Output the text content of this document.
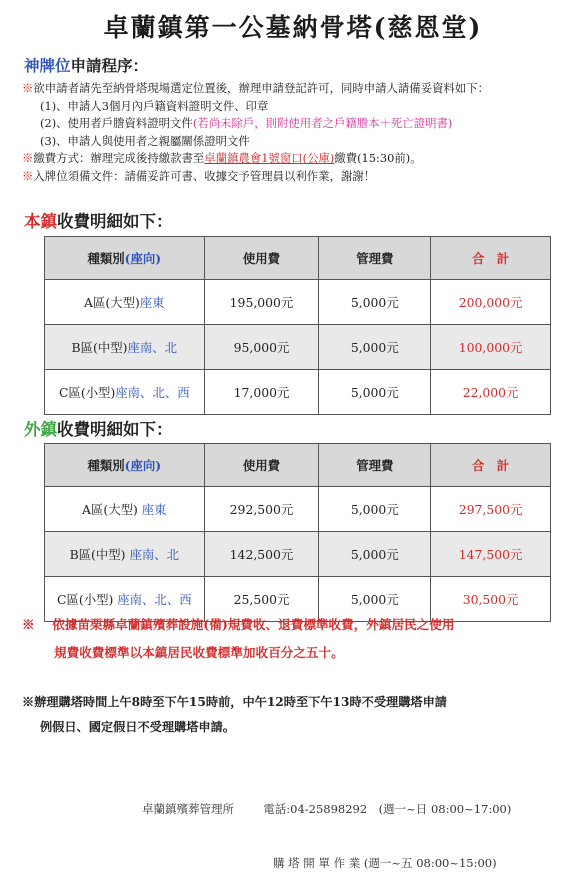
卓蘭鎮第一公墓納骨塔(慈恩堂)
神牌位申請程序：
※欲申請者請先至納骨塔現場選定位置後，辦理申請登記許可，同時申請人請備妥資料如下：
(1)、申請人3個月內戶籍資料證明文件、印章
(2)、使用者戶謄資料證明文件(若尚未除戶，則附使用者之戶籍謄本＋死亡證明書)
(3)、申請人與使用者之親屬關係證明文件
※繳費方式：辦理完成後持繳款書至卓蘭鎮農會1號窗口(公庫)繳費(15:30前)。
※入牌位須備文件：請備妥許可書、收據交予管理員以利作業，謝謝！
本鎮收費明細如下：
種類別(座向)	使用費	管理費	合　計
A區(大型)座東	195,000元	5,000元	200,000元
B區(中型)座南、北	95,000元	5,000元	100,000元
C區(小型)座南、北、西	17,000元	5,000元	22,000元
外鎮收費明細如下：
種類別(座向)	使用費	管理費	合　計
A區(大型) 座東	292,500元	5,000元	297,500元
B區(中型) 座南、北	142,500元	5,000元	147,500元
C區(小型) 座南、北、西	25,500元	5,000元	30,500元
※ 依據苗栗縣卓蘭鎮殯葬設施(備)規費收、退費標準收費，外鎮居民之使用
規費收費標準以本鎮居民收費標準加收百分之五十。
※辦理購塔時間上午8時至下午15時前，中午12時至下午13時不受理購塔申請
例假日、國定假日不受理購塔申請。

卓蘭鎮殯葬管理所	電話:04-25898292　(週一~日 08:00~17:00)

購 塔 開 單 作 業 (週一~五 08:00~15:00)
